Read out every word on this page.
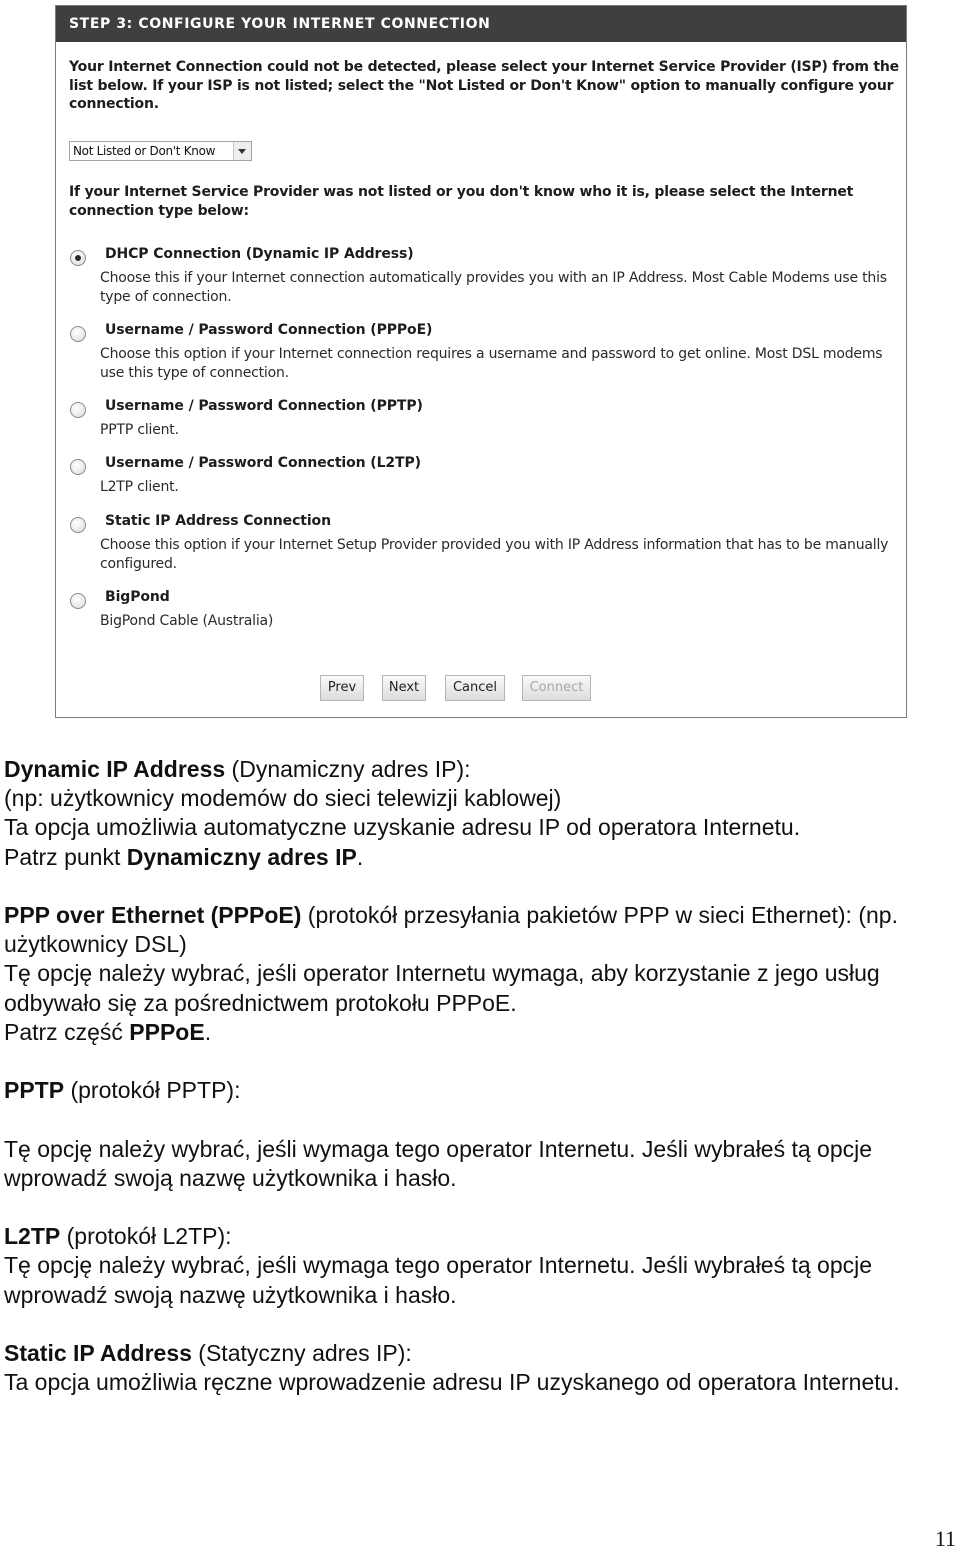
STEP 3: CONFIGURE YOUR INTERNET CONNECTION
Your Internet Connection could not be detected, please select your Internet Service Provider (ISP) from the list below. If your ISP is not listed; select the "Not Listed or Don't Know" option to manually configure your connection.
Not Listed or Don't Know
If your Internet Service Provider was not listed or you don't know who it is, please select the Internet connection type below:
DHCP Connection (Dynamic IP Address)
Choose this if your Internet connection automatically provides you with an IP Address. Most Cable Modems use this type of connection.
Username / Password Connection (PPPoE)
Choose this option if your Internet connection requires a username and password to get online. Most DSL modems use this type of connection.
Username / Password Connection (PPTP)
PPTP client.
Username / Password Connection (L2TP)
L2TP client.
Static IP Address Connection
Choose this option if your Internet Setup Provider provided you with IP Address information that has to be manually configured.
BigPond
BigPond Cable (Australia)
Prev	Next	Cancel	Connect

Dynamic IP Address (Dynamiczny adres IP):
(np: użytkownicy modemów do sieci telewizji kablowej)
Ta opcja umożliwia automatyczne uzyskanie adresu IP od operatora Internetu.
Patrz punkt Dynamiczny adres IP.

PPP over Ethernet (PPPoE) (protokół przesyłania pakietów PPP w sieci Ethernet): (np. użytkownicy DSL)
Tę opcję należy wybrać, jeśli operator Internetu wymaga, aby korzystanie z jego usług odbywało się za pośrednictwem protokołu PPPoE.
Patrz część PPPoE.

PPTP (protokół PPTP):

Tę opcję należy wybrać, jeśli wymaga tego operator Internetu. Jeśli wybrałeś tą opcje wprowadź swoją nazwę użytkownika i hasło.

L2TP (protokół L2TP):
Tę opcję należy wybrać, jeśli wymaga tego operator Internetu. Jeśli wybrałeś tą opcje wprowadź swoją nazwę użytkownika i hasło.

Static IP Address (Statyczny adres IP):
Ta opcja umożliwia ręczne wprowadzenie adresu IP uzyskanego od operatora Internetu.

11
